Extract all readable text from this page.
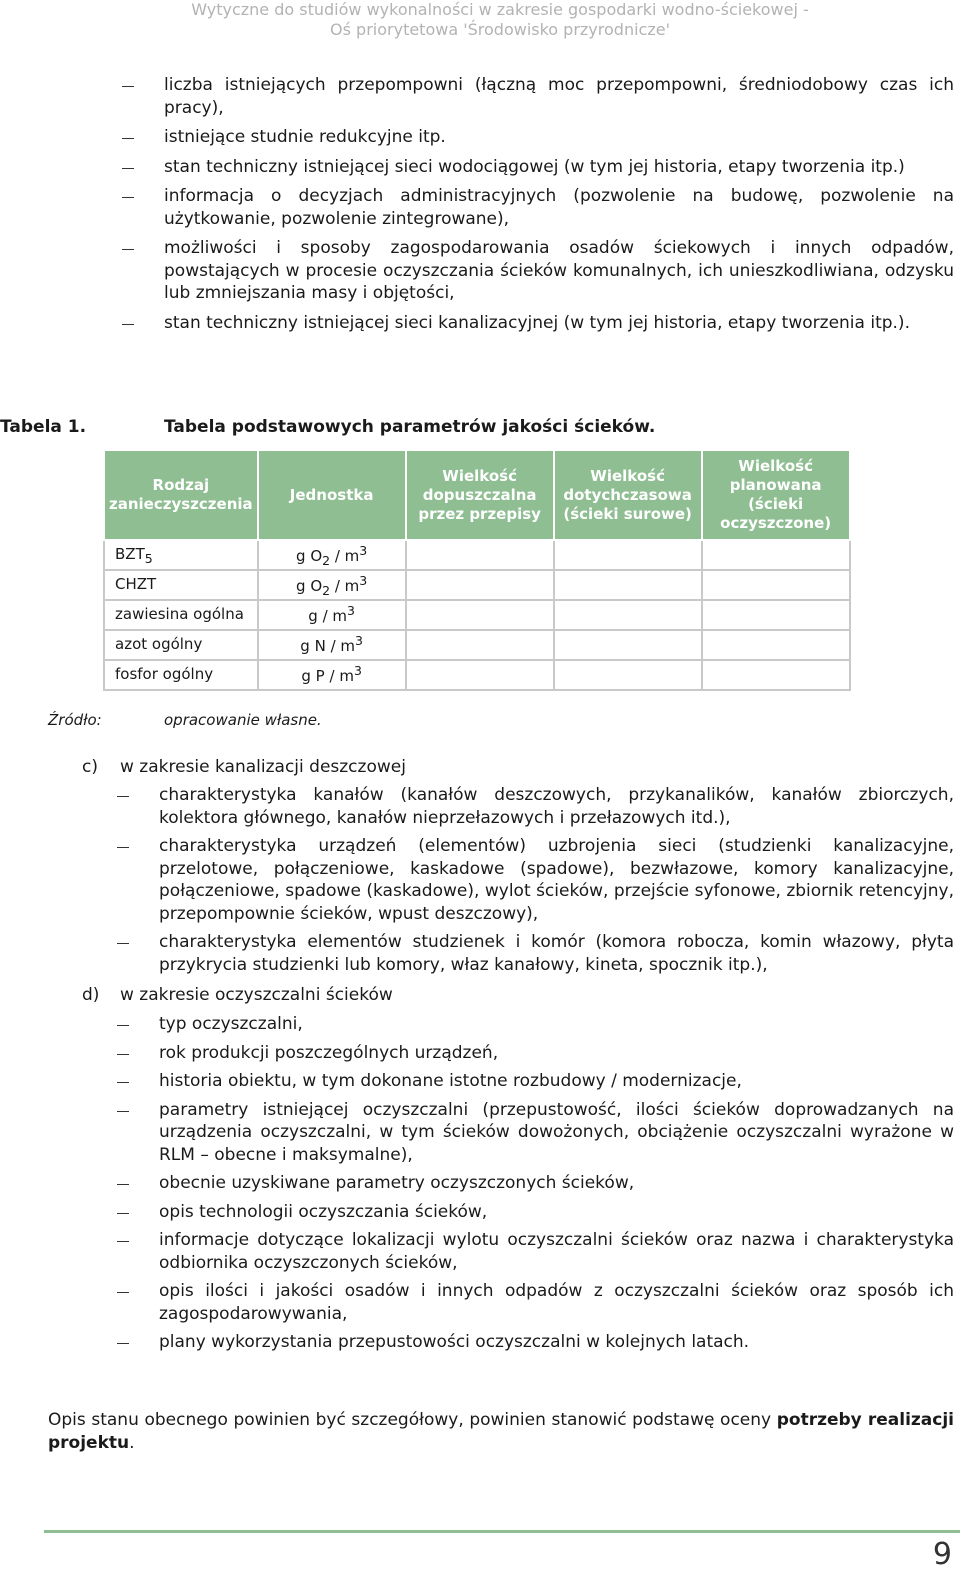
Wytyczne do studiów wykonalności w zakresie gospodarki wodno-ściekowej -
Oś priorytetowa 'Środowisko przyrodnicze'
liczba istniejących przepompowni (łączną moc przepompowni, średniodobowy czas ich pracy),
istniejące studnie redukcyjne itp.
stan techniczny istniejącej sieci wodociągowej (w tym jej historia, etapy tworzenia itp.)
informacja o decyzjach administracyjnych (pozwolenie na budowę, pozwolenie na użytkowanie, pozwolenie zintegrowane),
możliwości i sposoby zagospodarowania osadów ściekowych i innych odpadów, powstających w procesie oczyszczania ścieków komunalnych, ich unieszkodliwiana, odzysku lub zmniejszania masy i objętości,
stan techniczny istniejącej sieci kanalizacyjnej (w tym jej historia, etapy tworzenia itp.).
Tabela 1.	Tabela podstawowych parametrów jakości ścieków.
Rodzaj zanieczyszczenia	Jednostka	Wielkość dopuszczalna przez przepisy	Wielkość dotychczasowa (ścieki surowe)	Wielkość planowana (ścieki oczyszczone)
$BZT_5$	g $O_2 / m^3$			
CHZT	g $O_2 / m^3$			
zawiesina ogólna	g / $m^3$			
azot ogólny	g N / $m^3$			
fosfor ogólny	g P / $m^3$			
Źródło:	opracowanie własne.
c) w zakresie kanalizacji deszczowej
charakterystyka kanałów (kanałów deszczowych, przykanalików, kanałów zbiorczych, kolektora głównego, kanałów nieprzełazowych i przełazowych itd.),
charakterystyka urządzeń (elementów) uzbrojenia sieci (studzienki kanalizacyjne, przelotowe, połączeniowe, kaskadowe (spadowe), bezwłazowe, komory kanalizacyjne, połączeniowe, spadowe (kaskadowe), wylot ścieków, przejście syfonowe, zbiornik retencyjny, przepompownie ścieków, wpust deszczowy),
charakterystyka elementów studzienek i komór (komora robocza, komin włazowy, płyta przykrycia studzienki lub komory, właz kanałowy, kineta, spocznik itp.),
d) w zakresie oczyszczalni ścieków
typ oczyszczalni,
rok produkcji poszczególnych urządzeń,
historia obiektu, w tym dokonane istotne rozbudowy / modernizacje,
parametry istniejącej oczyszczalni (przepustowość, ilości ścieków doprowadzanych na urządzenia oczyszczalni, w tym ścieków dowożonych, obciążenie oczyszczalni wyrażone w RLM – obecne i maksymalne),
obecnie uzyskiwane parametry oczyszczonych ścieków,
opis technologii oczyszczania ścieków,
informacje dotyczące lokalizacji wylotu oczyszczalni ścieków oraz nazwa i charakterystyka odbiornika oczyszczonych ścieków,
opis ilości i jakości osadów i innych odpadów z oczyszczalni ścieków oraz sposób ich zagospodarowywania,
plany wykorzystania przepustowości oczyszczalni w kolejnych latach.

Opis stanu obecnego powinien być szczegółowy, powinien stanowić podstawę oceny potrzeby realizacji projektu.

9
